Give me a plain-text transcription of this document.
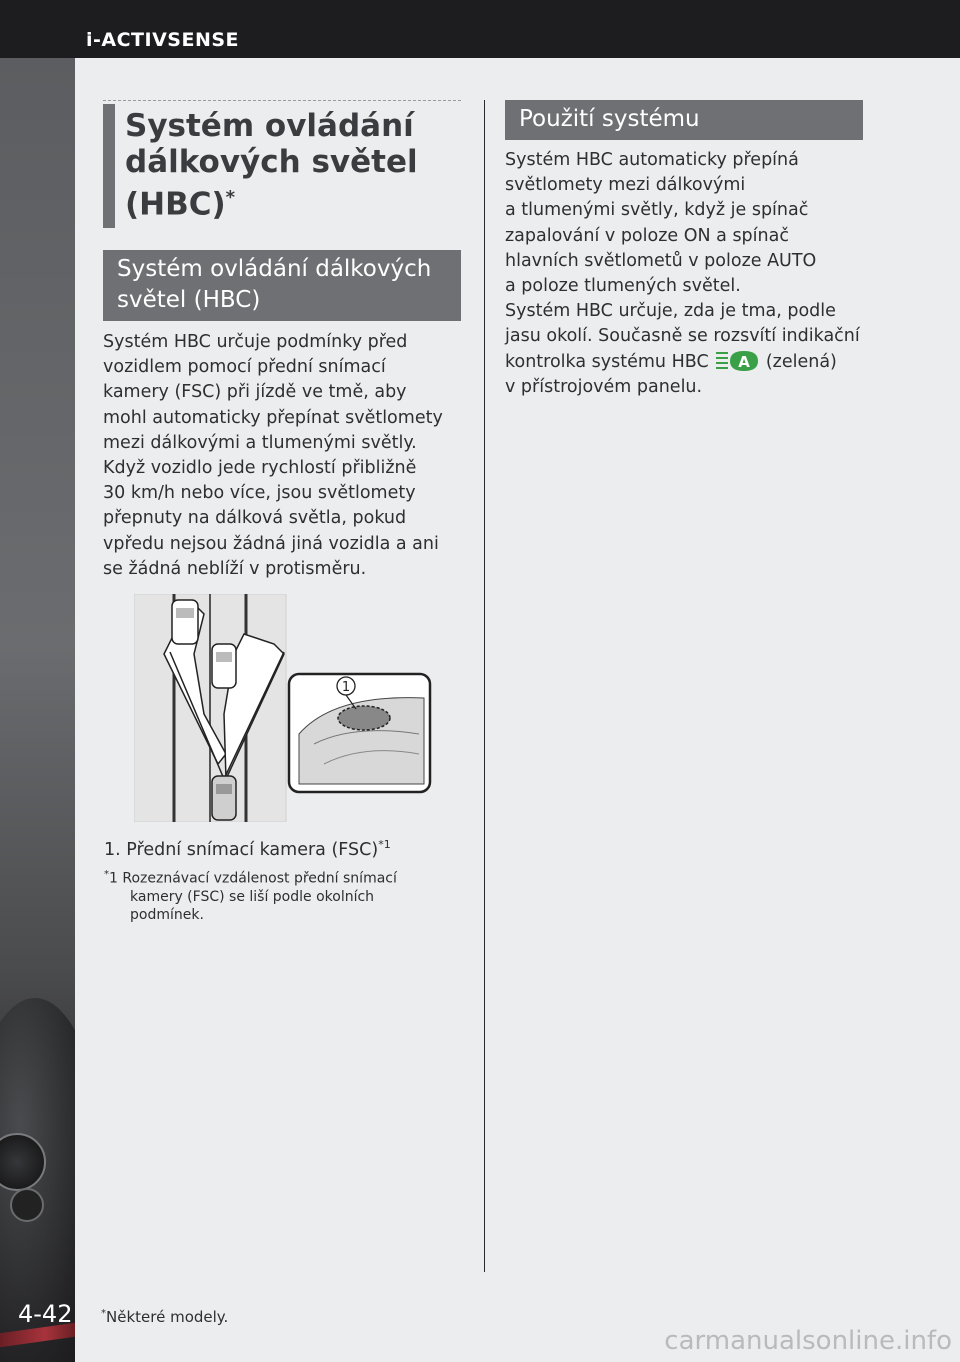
i-ACTIVSENSE
4-42
Systém ovládání
dálkových světel
(HBC)*
Systém ovládání dálkových
světel (HBC)

Systém HBC určuje podmínky před
vozidlem pomocí přední snímací
kamery (FSC) při jízdě ve tmě, aby
mohl automaticky přepínat světlomety
mezi dálkovými a tlumenými světly.
Když vozidlo jede rychlostí přibližně
30 km/h nebo více, jsou světlomety
přepnuty na dálková světla, pokud
vpředu nejsou žádná jiná vozidla a ani
se žádná neblíží v protisměru.

1
1. Přední snímací kamera (FSC)$^{*1}$
*1 Rozeznávací vzdálenost přední snímací
kamery (FSC) se liší podle okolních
podmínek.
Použití systému

Systém HBC automaticky přepíná
světlomety mezi dálkovými
a tlumenými světly, když je spínač
zapalování v poloze ON a spínač
hlavních světlometů v poloze AUTO
a poloze tlumených světel.
Systém HBC určuje, zda je tma, podle
jasu okolí. Současně se rozsvítí indikační
kontrolka systému HBC A (zelená)
v přístrojovém panelu.

*Některé modely.
carmanualsonline.info
